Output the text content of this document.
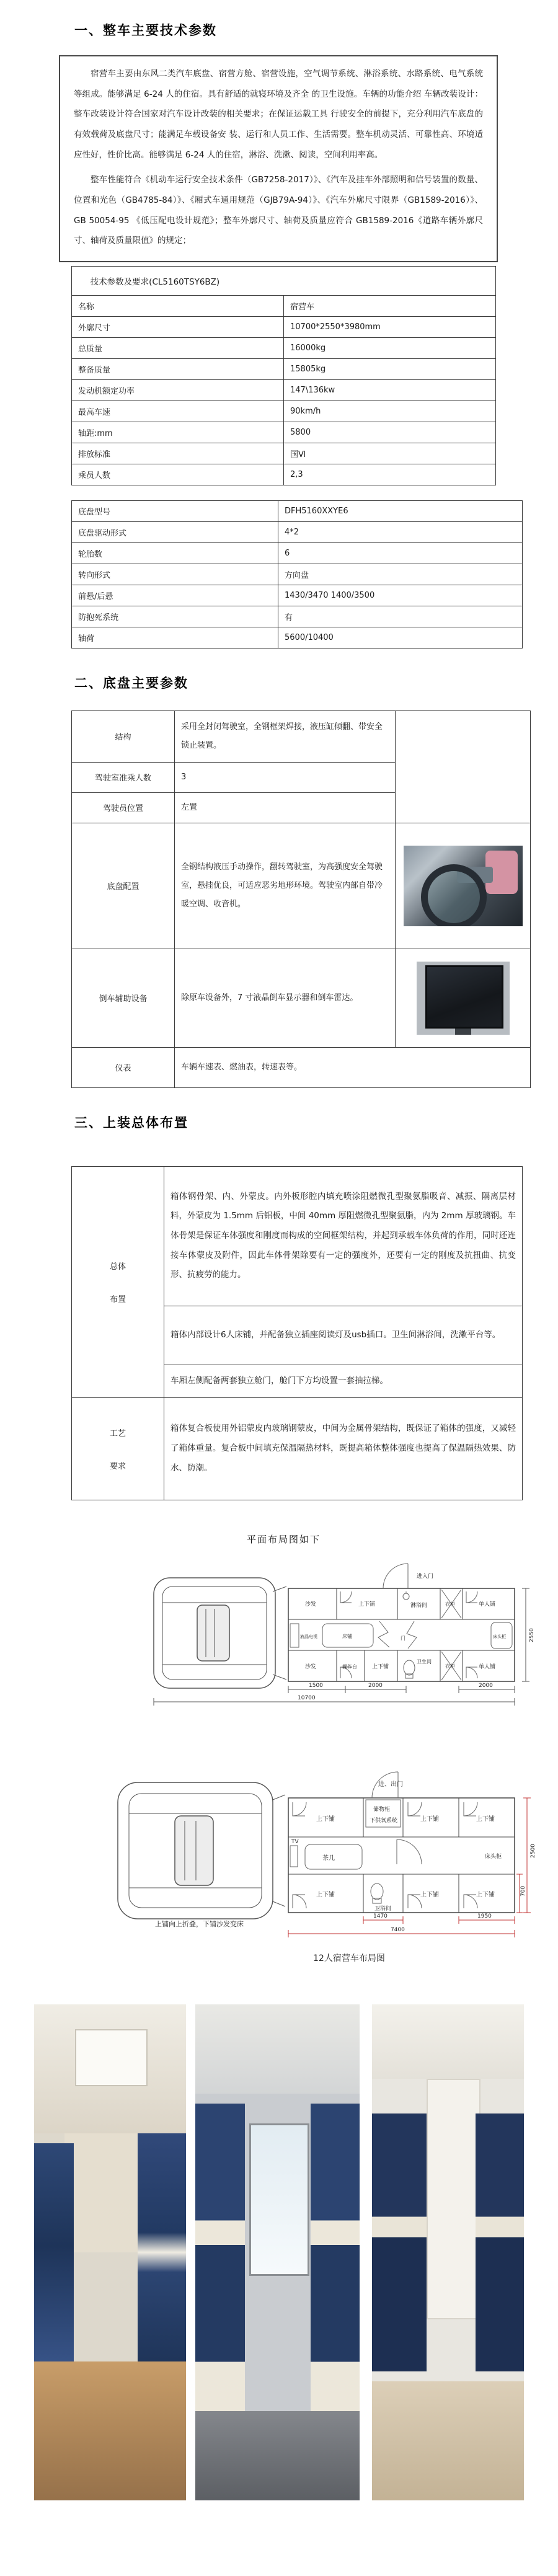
一、整车主要技术参数

宿营车主要由东风二类汽车底盘、宿营方舱、宿营设施，空气调节系统、淋浴系统、水路系统、电气系统等组成。能够满足 6-24 人的住宿。具有舒适的就寝环境及齐全 的卫生设施。车辆的功能介绍 车辆改装设计：整车改装设计符合国家对汽车设计改装的相关要求；在保证运载工具 行驶安全的前提下，充分利用汽车底盘的有效载荷及底盘尺寸；能满足车载设备安 装、运行和人员工作、生活需要。整车机动灵活、可靠性高、环境适应性好，性价比高。能够满足 6-24 人的住宿，淋浴、洗漱、阅读，空间利用率高。

整车性能符合《机动车运行安全技术条件（GB7258-2017）》、《汽车及挂车外部照明和信号装置的数量、位置和光色（GB4785-84）》、《厢式车通用规范（GJB79A-94）》、《汽车外廓尺寸限界（GB1589-2016）》、GB 50054-95 《低压配电设计规范》；整车外廓尺寸、轴荷及质量应符合 GB1589-2016《道路车辆外廓尺寸、轴荷及质量限值》的规定；

技术参数及要求(CL5160TSY6BZ)	
名称	宿营车
外廓尺寸	10700*2550*3980mm
总质量	16000kg
整备质量	15805kg
发动机额定功率	147\136kw
最高车速	90km/h
轴距:mm	5800
排放标准	国Ⅵ
乘员人数	2,3
底盘型号	DFH5160XXYE6
底盘驱动形式	4*2
轮胎数	6
转向形式	方向盘
前悬/后悬	1430/3470 1400/3500
防抱死系统	有
轴荷	5600/10400
二、底盘主要参数
结构	采用全封闭驾驶室，全钢框架焊接，液压缸倾翻、带安全锁止装置。	
驾驶室准乘人数	3	
驾驶员位置	左置	
底盘配置	全钢结构液压手动操作，翻转驾驶室，为高强度安全驾驶室，悬挂优良，可适应恶劣地形环境。驾驶室内部自带冷暖空调、收音机。	

倒车辅助设备	除原车设备外，7 寸液晶倒车显示器和倒车雷达。	

仪表	车辆车速表、燃油表，转速表等。	
三、上装总体布置
总体
布置	箱体钢骨架、内、外蒙皮。内外板形腔内填充喷涂阻燃微孔型聚氨脂吸音、减振、隔离层材料，外蒙皮为 1.5mm 后铝板，中间 40mm 厚阻燃微孔型聚氨脂，内为 2mm 厚玻璃钢。车体骨架是保证车体强度和刚度而构成的空间框架结构，并起到承载车体负荷的作用，同时还连接车体蒙皮及附件，因此车体骨架除要有一定的强度外，还要有一定的刚度及抗扭曲、抗变形、抗疲劳的能力。
	箱体内部设计6人床铺，并配备独立插座阅读灯及usb插口。卫生间淋浴间，洗漱平台等。
	车厢左侧配备两套独立舱门，舱门下方均设置一套抽拉梯。

工艺
要求	箱体复合板使用外铝蒙皮内玻璃钢蒙皮，中间为金属骨架结构，既保证了箱体的强度，又减轻了箱体重量。复合板中间填充保温隔热材料，既提高箱体整体强度也提高了保温隔热效果、防水、防潮。
平面布局图如下
进入门
沙发	上下铺	淋浴间	衣柜	单人铺
液晶电视	床铺	门	床头柜
沙发	操作台	上下铺
卫生间
衣柜	单人铺
1500	2000	2000
10700
2550
进、出门
上下铺
储物柜
下供氧系统	上下铺	上下铺
TV
茶几	床头柜
上下铺
卫浴间
上下铺	上下铺
上铺向上折叠，下铺沙发变床
1470	1950
7400
2500
700
12人宿营车布局图
